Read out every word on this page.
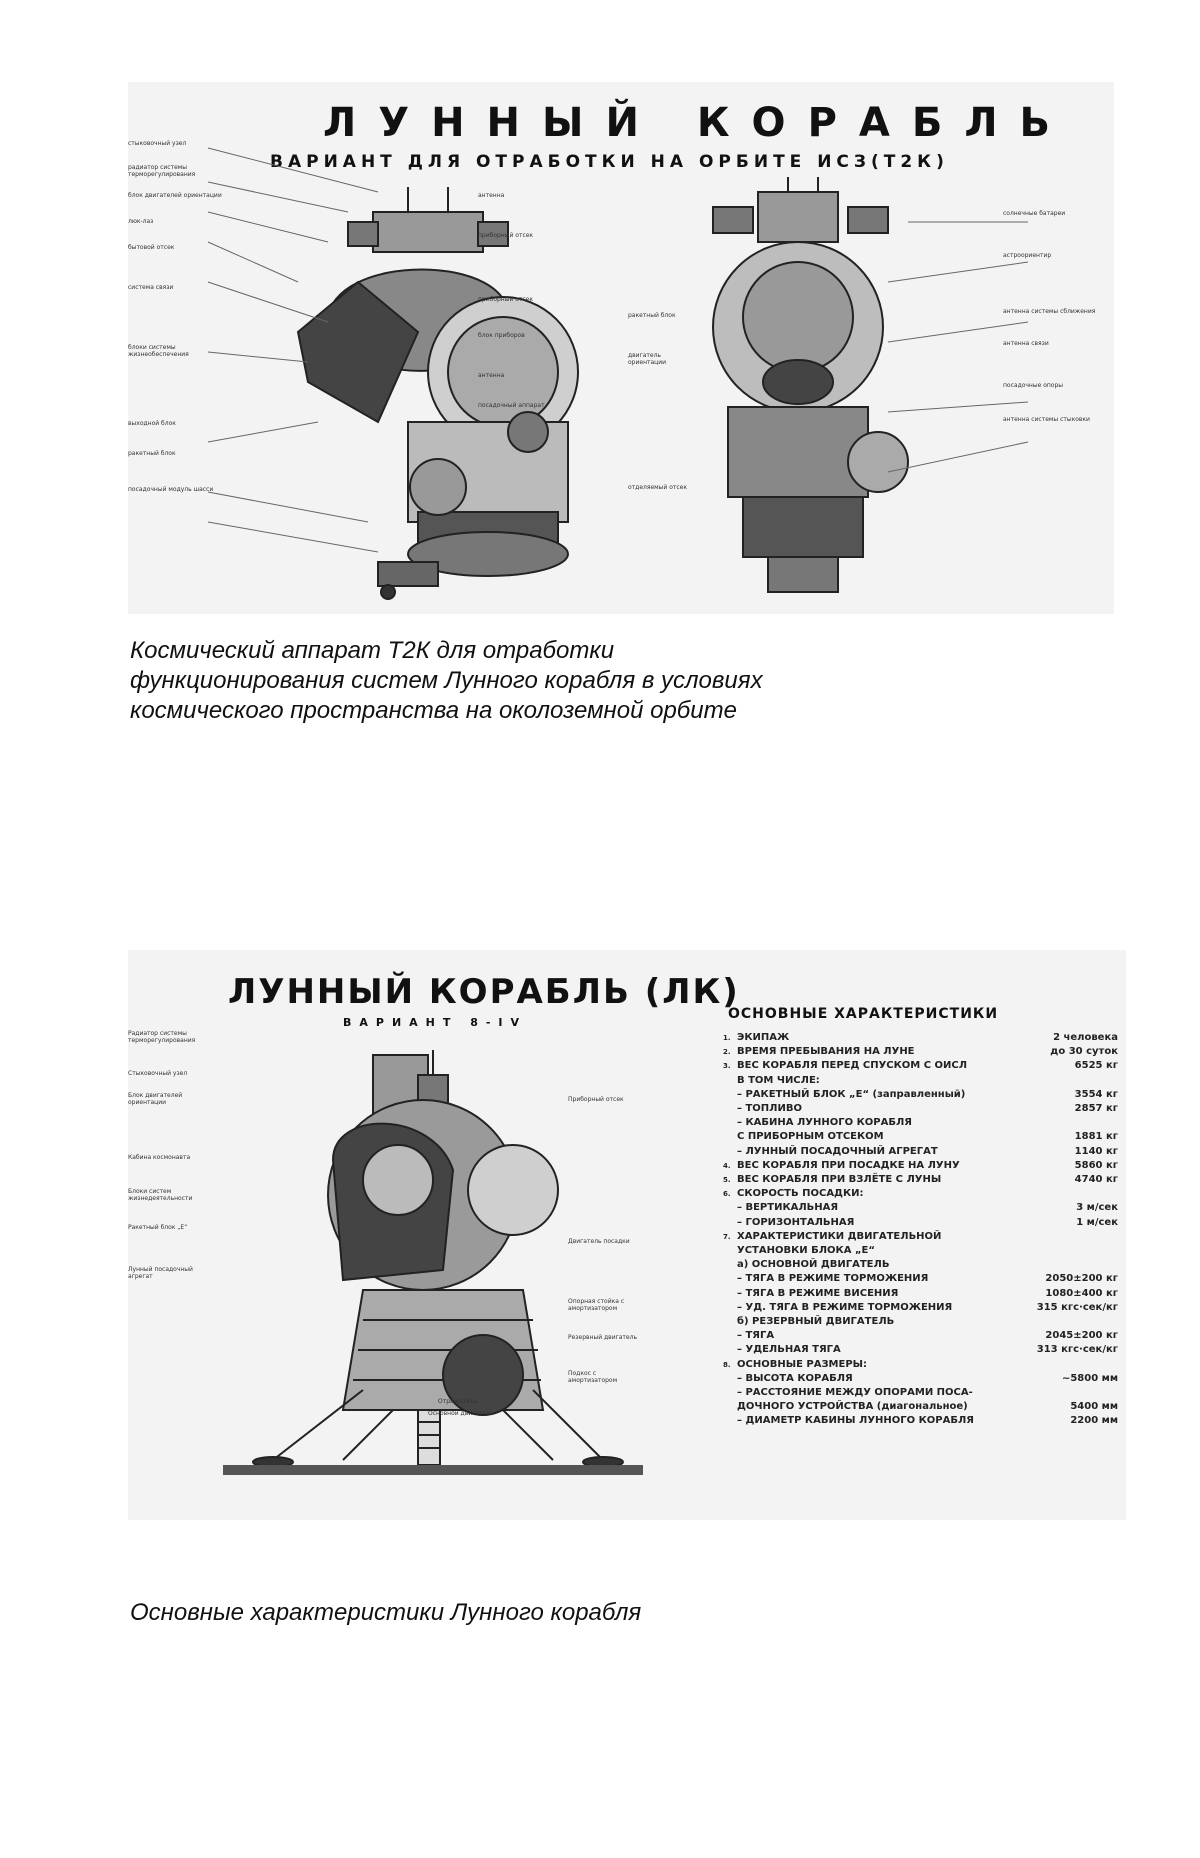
ЛУННЫЙ КОРАБЛЬ
ВАРИАНТ ДЛЯ ОТРАБОТКИ НА ОРБИТЕ ИСЗ(Т2К)
стыковочный узел
радиатор системы терморегулирования
блок двигателей ориентации
люк-лаз
бытовой отсек
система связи
блоки системы жизнеобеспечения
выходной блок
ракетный блок
посадочный модуль шасси
антенна
приборный отсек
приборный отсек
блок приборов
антенна
посадочный аппарат
солнечные батареи
астроориентир
антенна системы сближения
антенна связи
посадочные опоры
антенна системы стыковки
ракетный блок
двигатель ориентации
отделяемый отсек
Космический аппарат Т2К для отработки
функционирования систем Лунного корабля в условиях
космического пространства на околоземной орбите
ЛУННЫЙ КОРАБЛЬ (ЛК)
ВАРИАНТ 8-IV
Радиатор системы терморегулирования
Стыковочный узел
Блок двигателей ориентации
Кабина космонавта
Блоки систем жизнедеятельности
Ракетный блок „Е“
Лунный посадочный агрегат
Приборный отсек
Двигатель посадки
Опорная стойка с амортизатором
Резервный двигатель
Подкос с амортизатором
Отражатель
Основной двигатель
ОСНОВНЫЕ ХАРАКТЕРИСТИКИ
1. ЭКИПАЖ	2 человека
2. ВРЕМЯ ПРЕБЫВАНИЯ НА ЛУНЕ	до 30 суток
3. ВЕС КОРАБЛЯ ПЕРЕД СПУСКОМ С ОИСЛ	6525 кг
В ТОМ ЧИСЛЕ:
– РАКЕТНЫЙ БЛОК „Е“ (заправленный)	3554 кг
– ТОПЛИВО	2857 кг
– КАБИНА ЛУННОГО КОРАБЛЯ
С ПРИБОРНЫМ ОТСЕКОМ	1881 кг
– ЛУННЫЙ ПОСАДОЧНЫЙ АГРЕГАТ	1140 кг
4. ВЕС КОРАБЛЯ ПРИ ПОСАДКЕ НА ЛУНУ	5860 кг
5. ВЕС КОРАБЛЯ ПРИ ВЗЛЁТЕ С ЛУНЫ	4740 кг
6. СКОРОСТЬ ПОСАДКИ:
– ВЕРТИКАЛЬНАЯ	3 м/сек
– ГОРИЗОНТАЛЬНАЯ	1 м/сек
7. ХАРАКТЕРИСТИКИ ДВИГАТЕЛЬНОЙ
УСТАНОВКИ БЛОКА „Е“
а) ОСНОВНОЙ ДВИГАТЕЛЬ
– ТЯГА В РЕЖИМЕ ТОРМОЖЕНИЯ	2050±200 кг
– ТЯГА В РЕЖИМЕ ВИСЕНИЯ	1080±400 кг
– УД. ТЯГА В РЕЖИМЕ ТОРМОЖЕНИЯ	315 кгс·сек/кг
б) РЕЗЕРВНЫЙ ДВИГАТЕЛЬ
– ТЯГА	2045±200 кг
– УДЕЛЬНАЯ ТЯГА	313 кгс·сек/кг
8. ОСНОВНЫЕ РАЗМЕРЫ:
– ВЫСОТА КОРАБЛЯ	~5800 мм
– РАССТОЯНИЕ МЕЖДУ ОПОРАМИ ПОСА-
ДОЧНОГО УСТРОЙСТВА (диагональное)	5400 мм
– ДИАМЕТР КАБИНЫ ЛУННОГО КОРАБЛЯ	2200 мм
Основные характеристики Лунного корабля
